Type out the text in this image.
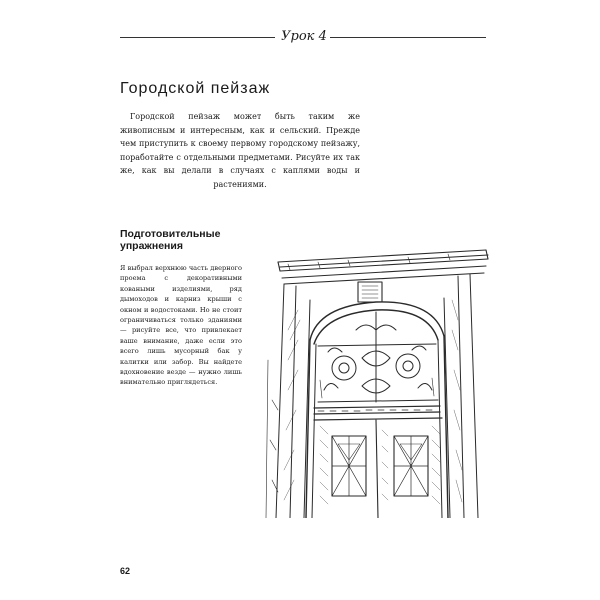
Урок 4
Городской пейзаж
Городской пейзаж может быть таким же живописным и интересным, как и сельский. Прежде чем приступить к своему первому городскому пейзажу, поработайте с отдельными предметами. Рисуйте их так же, как вы делали в случаях с каплями воды и растениями.
Подготовительные упражнения
Я выбрал верхнюю часть дверного проема с декоративными коваными изделиями, ряд дымоходов и карниз крыши с окном и водостоками. Но не стоит ограничиваться только зданиями — рисуйте все, что привлекает ваше внимание, даже если это всего лишь мусорный бак у калитки или забор. Вы найдете вдохновение везде — нужно лишь внимательно приглядеться.
62
